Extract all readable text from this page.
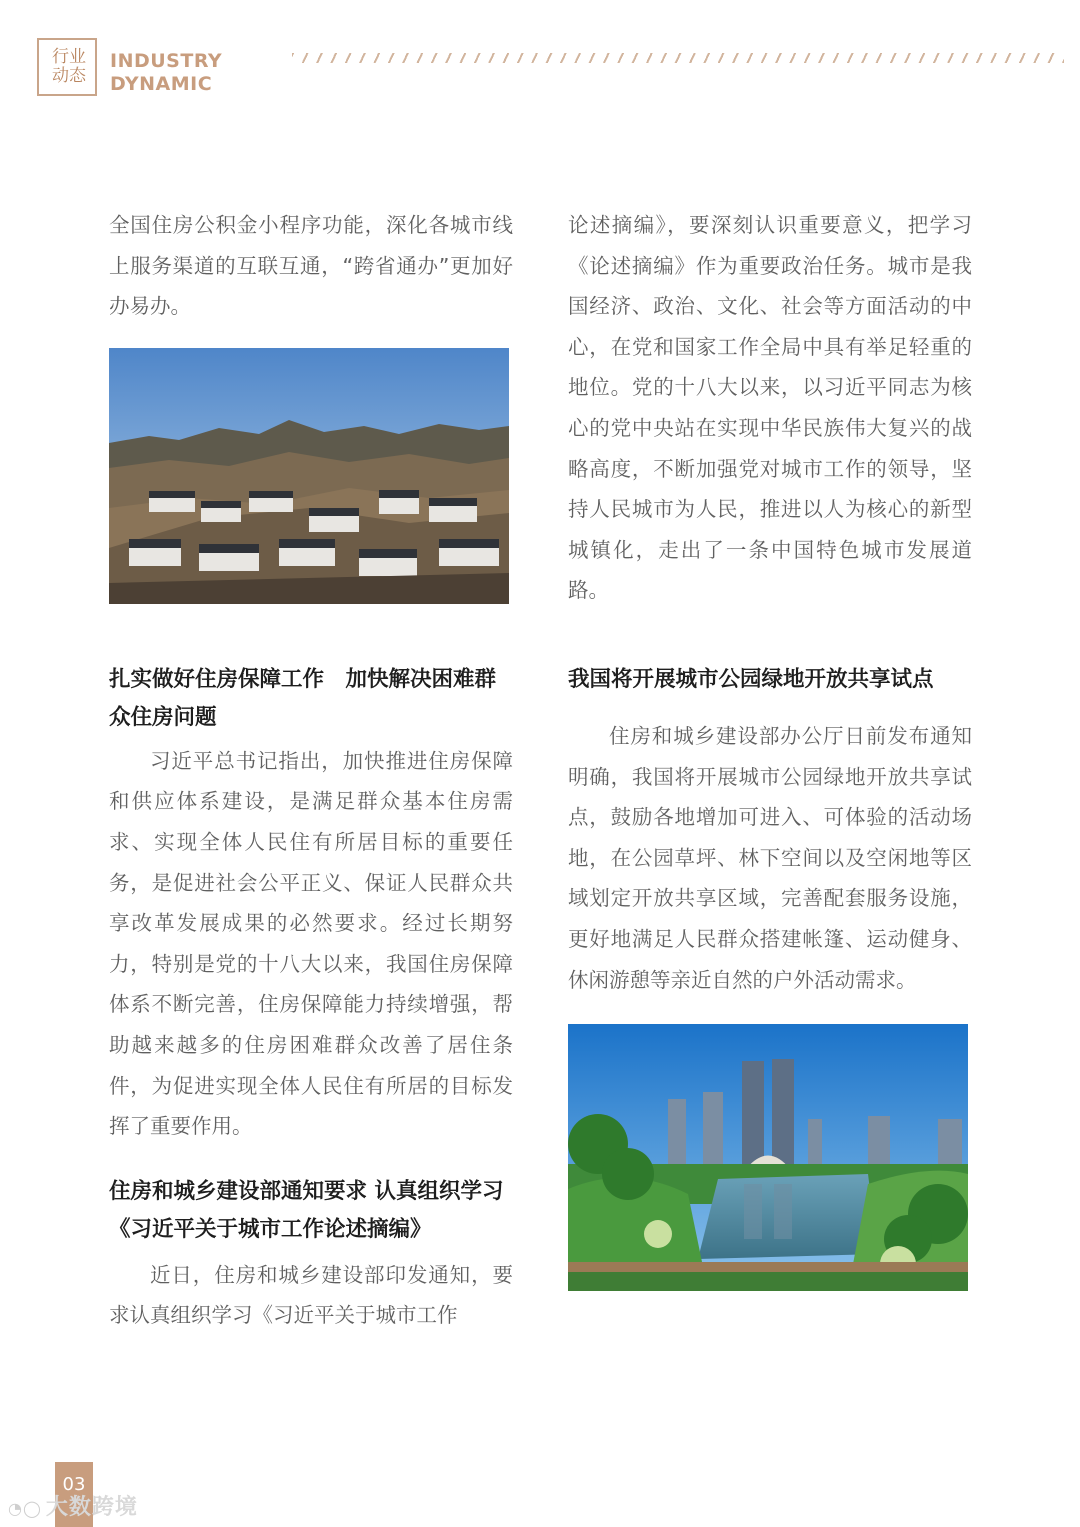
行业
动态
INDUSTRY
DYNAMIC

全国住房公积金小程序功能，深化各城市线上服务渠道的互联互通，“跨省通办”更加好办易办。

扎实做好住房保障工作　加快解决困难群众住房问题

习近平总书记指出，加快推进住房保障和供应体系建设，是满足群众基本住房需求、实现全体人民住有所居目标的重要任务，是促进社会公平正义、保证人民群众共享改革发展成果的必然要求。经过长期努力，特别是党的十八大以来，我国住房保障体系不断完善，住房保障能力持续增强，帮助越来越多的住房困难群众改善了居住条件，为促进实现全体人民住有所居的目标发挥了重要作用。

住房和城乡建设部通知要求 认真组织学习《习近平关于城市工作论述摘编》

近日，住房和城乡建设部印发通知，要求认真组织学习《习近平关于城市工作

论述摘编》，要深刻认识重要意义，把学习《论述摘编》作为重要政治任务。城市是我国经济、政治、文化、社会等方面活动的中心，在党和国家工作全局中具有举足轻重的地位。党的十八大以来，以习近平同志为核心的党中央站在实现中华民族伟大复兴的战略高度，不断加强党对城市工作的领导，坚持人民城市为人民，推进以人为核心的新型城镇化，走出了一条中国特色城市发展道路。

我国将开展城市公园绿地开放共享试点

住房和城乡建设部办公厅日前发布通知明确，我国将开展城市公园绿地开放共享试点，鼓励各地增加可进入、可体验的活动场地，在公园草坪、林下空间以及空闲地等区域划定开放共享区域，完善配套服务设施，更好地满足人民群众搭建帐篷、运动健身、休闲游憩等亲近自然的户外活动需求。

03
◔◯ 大数跨境
